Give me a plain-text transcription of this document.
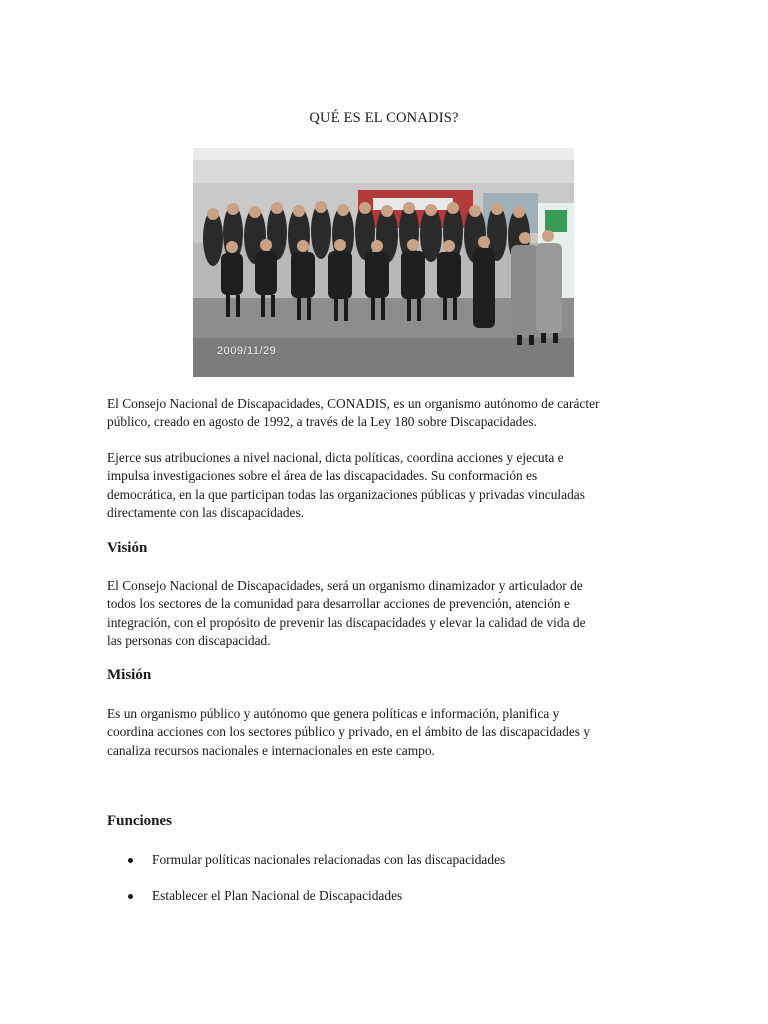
QUÉ ES EL CONADIS?
2009/11/29

El Consejo Nacional de Discapacidades, CONADIS, es un organismo autónomo de carácter
público, creado en agosto de 1992, a través de la Ley 180 sobre Discapacidades.

Ejerce sus atribuciones a nivel nacional, dicta políticas, coordina acciones y ejecuta e
impulsa investigaciones sobre el área de las discapacidades. Su conformación es
democrática, en la que participan todas las organizaciones públicas y privadas vinculadas
directamente con las discapacidades.

Visión

El Consejo Nacional de Discapacidades, será un organismo dinamizador y articulador de
todos los sectores de la comunidad para desarrollar acciones de prevención, atención e
integración, con el propósito de prevenir las discapacidades y elevar la calidad de vida de
las personas con discapacidad.

Misión

Es un organismo público y autónomo que genera políticas e información, planifica y
coordina acciones con los sectores público y privado, en el ámbito de las discapacidades y
canaliza recursos nacionales e internacionales en este campo.

Funciones
Formular políticas nacionales relacionadas con las discapacidades
Establecer el Plan Nacional de Discapacidades
